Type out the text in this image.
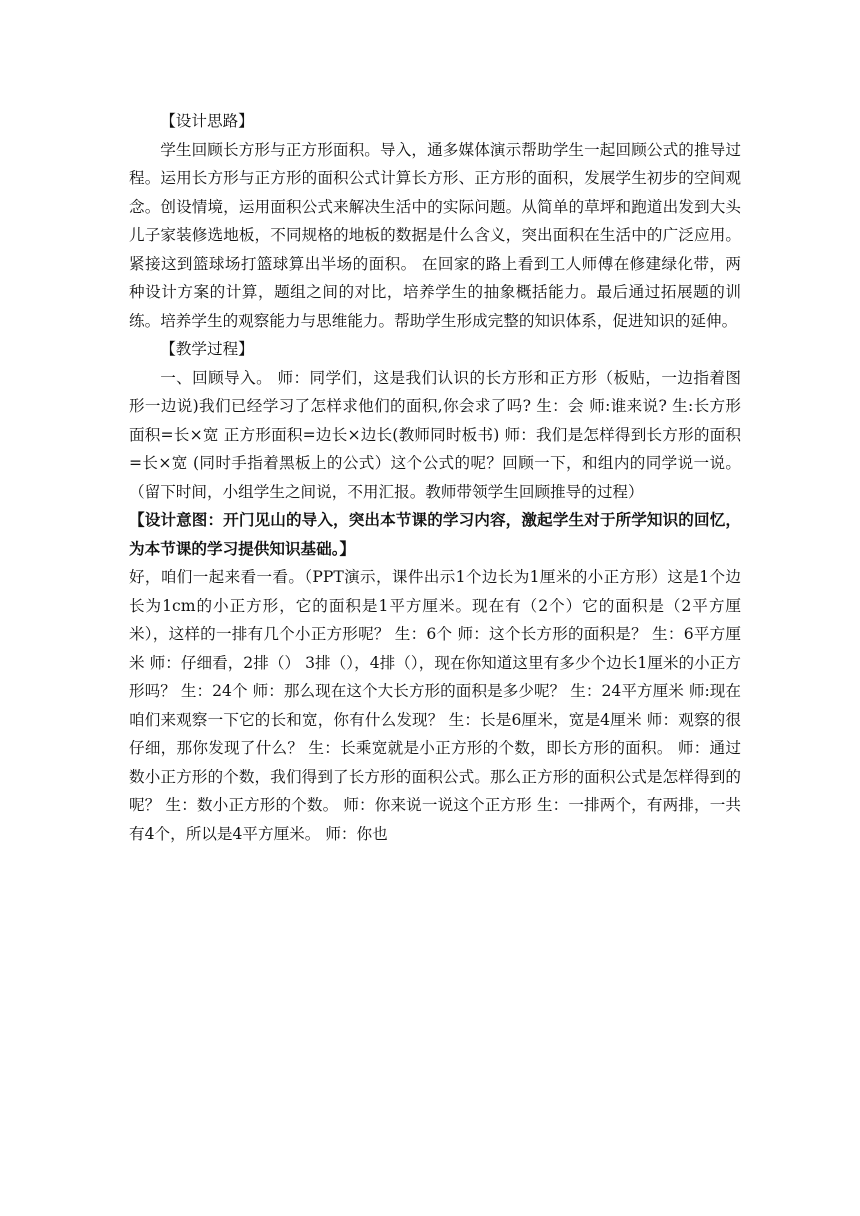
【设计思路】

学生回顾长方形与正方形面积。导入，通多媒体演示帮助学生一起回顾公式的推导过程。运用长方形与正方形的面积公式计算长方形、正方形的面积，发展学生初步的空间观念。创设情境，运用面积公式来解决生活中的实际问题。从简单的草坪和跑道出发到大头儿子家装修选地板，不同规格的地板的数据是什么含义，突出面积在生活中的广泛应用。紧接这到篮球场打篮球算出半场的面积。 在回家的路上看到工人师傅在修建绿化带，两种设计方案的计算，题组之间的对比，培养学生的抽象概括能力。最后通过拓展题的训练。培养学生的观察能力与思维能力。帮助学生形成完整的知识体系，促进知识的延伸。

【教学过程】

一、回顾导入。 师：同学们，这是我们认识的长方形和正方形（板贴，一边指着图形一边说)我们已经学习了怎样求他们的面积,你会求了吗? 生：会 师:谁来说? 生:长方形面积=长×宽 正方形面积=边长×边长(教师同时板书) 师：我们是怎样得到长方形的面积=长×宽 (同时手指着黑板上的公式）这个公式的呢？回顾一下，和组内的同学说一说。（留下时间，小组学生之间说，不用汇报。教师带领学生回顾推导的过程）

【设计意图：开门见山的导入，突出本节课的学习内容，激起学生对于所学知识的回忆，为本节课的学习提供知识基础。】

好，咱们一起来看一看。（PPT演示，课件出示1个边长为1厘米的小正方形）这是1个边长为1cm的小正方形，它的面积是1平方厘米。现在有（2个）它的面积是（2平方厘米），这样的一排有几个小正方形呢？ 生：6个 师：这个长方形的面积是？ 生：6平方厘米 师：仔细看，2排（） 3排（），4排（），现在你知道这里有多少个边长1厘米的小正方形吗？ 生：24个 师：那么现在这个大长方形的面积是多少呢？ 生：24平方厘米 师:现在咱们来观察一下它的长和宽，你有什么发现？ 生：长是6厘米，宽是4厘米 师：观察的很仔细，那你发现了什么？ 生：长乘宽就是小正方形的个数，即长方形的面积。 师：通过数小正方形的个数，我们得到了长方形的面积公式。那么正方形的面积公式是怎样得到的呢？ 生：数小正方形的个数。 师：你来说一说这个正方形 生：一排两个，有两排，一共有4个，所以是4平方厘米。 师：你也
